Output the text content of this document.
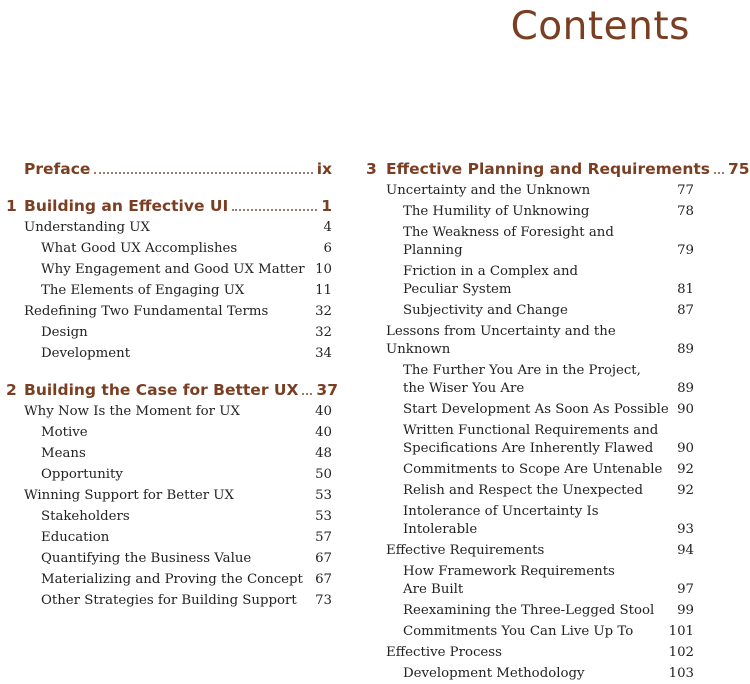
Contents
Preface	ix
1 Building an Effective UI	1
Understanding UX	4
What Good UX Accomplishes	6
Why Engagement and Good UX Matter 10
The Elements of Engaging UX	11
Redefining Two Fundamental Terms	32
Design	32
Development	34
2 Building the Case for Better UX 37
Why Now Is the Moment for UX	40
Motive	40
Means	48
Opportunity	50
Winning Support for Better UX	53
Stakeholders	53
Education	57
Quantifying the Business Value	67
Materializing and Proving the Concept 67
Other Strategies for Building Support	73
3 Effective Planning and Requirements 75
Uncertainty and the Unknown	77
The Humility of Unknowing	78
The Weakness of Foresight and Planning	79
Friction in a Complex and
Peculiar System	81
Subjectivity and Change	87
Lessons from Uncertainty and the
Unknown	89
The Further You Are in the Project,
the Wiser You Are	89
Start Development As Soon As Possible 90
Written Functional Requirements and
Specifications Are Inherently Flawed	90
Commitments to Scope Are Untenable	92
Relish and Respect the Unexpected	92
Intolerance of Uncertainty Is Intolerable	93
Effective Requirements	94
How Framework Requirements
Are Built	97
Reexamining the Three-Legged Stool	99
Commitments You Can Live Up To	101
Effective Process	102
Development Methodology	103
